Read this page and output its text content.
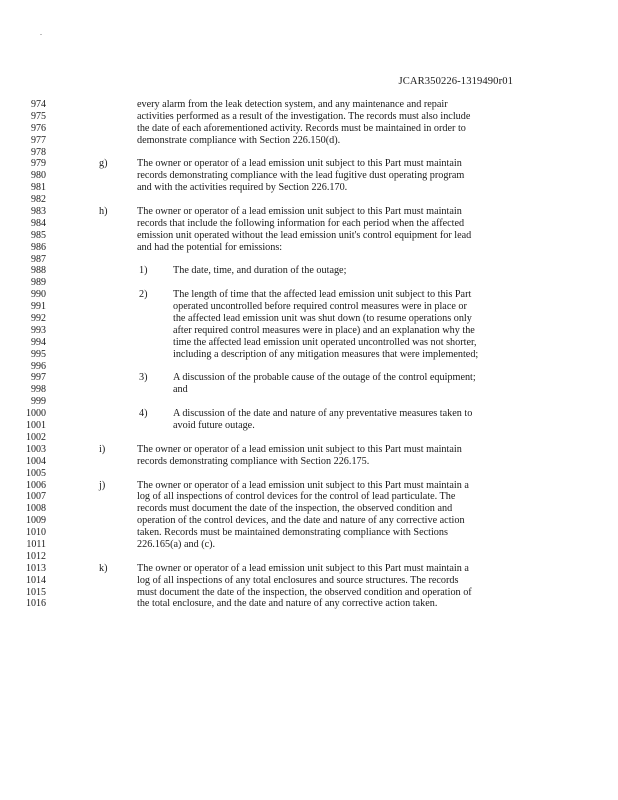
.
JCAR350226-1319490r01
974	every alarm from the leak detection system, and any maintenance and repair
975	activities performed as a result of the investigation. The records must also include
976	the date of each aforementioned activity. Records must be maintained in order to
977	demonstrate compliance with Section 226.150(d).
978
979	g)	The owner or operator of a lead emission unit subject to this Part must maintain
980	records demonstrating compliance with the lead fugitive dust operating program
981	and with the activities required by Section 226.170.
982
983	h)	The owner or operator of a lead emission unit subject to this Part must maintain
984	records that include the following information for each period when the affected
985	emission unit operated without the lead emission unit's control equipment for lead
986	and had the potential for emissions:
987
988	1)	The date, time, and duration of the outage;
989
990	2)	The length of time that the affected lead emission unit subject to this Part
991	operated uncontrolled before required control measures were in place or
992	the affected lead emission unit was shut down (to resume operations only
993	after required control measures were in place) and an explanation why the
994	time the affected lead emission unit operated uncontrolled was not shorter,
995	including a description of any mitigation measures that were implemented;
996
997	3)	A discussion of the probable cause of the outage of the control equipment;
998	and
999
1000	4)	A discussion of the date and nature of any preventative measures taken to
1001	avoid future outage.
1002
1003	i)	The owner or operator of a lead emission unit subject to this Part must maintain
1004	records demonstrating compliance with Section 226.175.
1005
1006	j)	The owner or operator of a lead emission unit subject to this Part must maintain a
1007	log of all inspections of control devices for the control of lead particulate. The
1008	records must document the date of the inspection, the observed condition and
1009	operation of the control devices, and the date and nature of any corrective action
1010	taken. Records must be maintained demonstrating compliance with Sections
1011	226.165(a) and (c).
1012
1013	k)	The owner or operator of a lead emission unit subject to this Part must maintain a
1014	log of all inspections of any total enclosures and source structures. The records
1015	must document the date of the inspection, the observed condition and operation of
1016	the total enclosure, and the date and nature of any corrective action taken.
